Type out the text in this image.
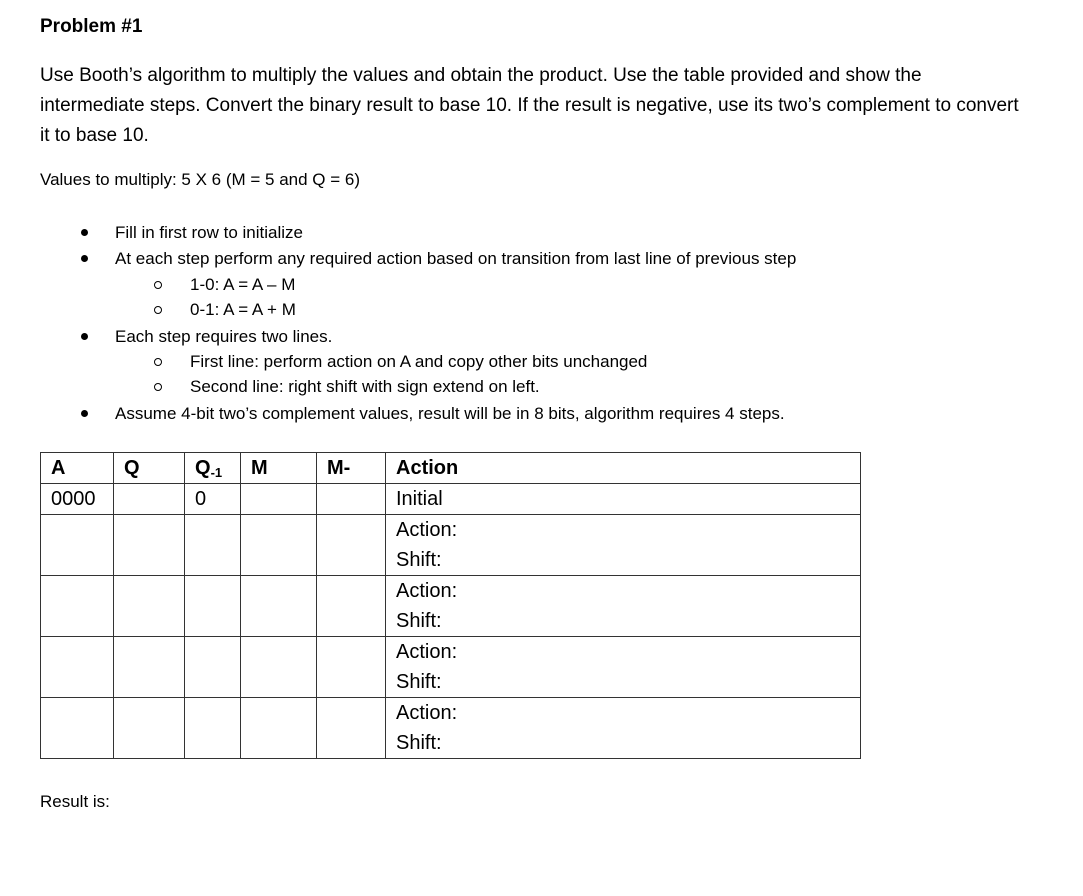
Problem #1
Use Booth’s algorithm to multiply the values and obtain the product. Use the table provided and show the intermediate steps. Convert the binary result to base 10. If the result is negative, use its two’s complement to convert it to base 10.
Values to multiply: 5 X 6 (M = 5 and Q = 6)
Fill in first row to initialize
At each step perform any required action based on transition from last line of previous step
1-0: A = A – M
0-1: A = A + M
Each step requires two lines.
First line: perform action on A and copy other bits unchanged
Second line: right shift with sign extend on left.
Assume 4-bit two’s complement values, result will be in 8 bits, algorithm requires 4 steps.
A	Q	$Q_{-1}$	M	M-	Action
0000		0			Initial

					Action:
Shift:

					Action:
Shift:

					Action:
Shift:

					Action:
Shift:
Result is:
